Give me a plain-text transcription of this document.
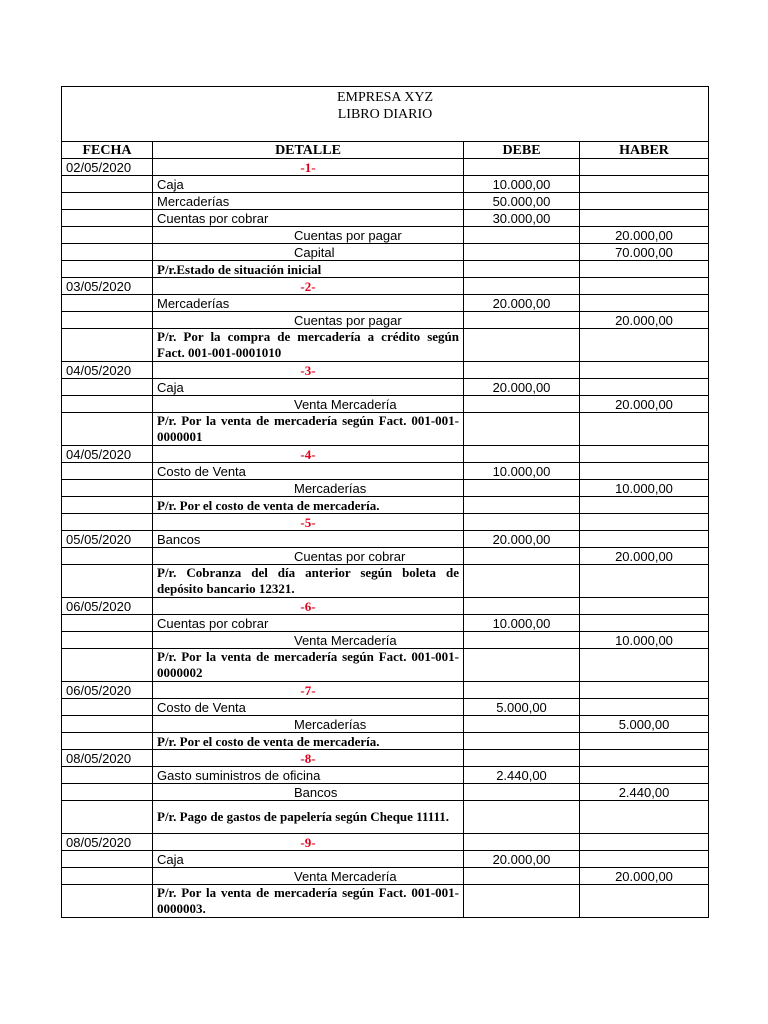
EMPRESA XYZ
LIBRO DIARIO			

FECHA	DETALLE	DEBE	HABER
02/05/2020	-1-		
	Caja	10.000,00	
	Mercaderías	50.000,00	
	Cuentas por cobrar	30.000,00	
	Cuentas por pagar		20.000,00
	Capital		70.000,00
	P/r.Estado de situación inicial		
03/05/2020	-2-		
	Mercaderías	20.000,00	
	Cuentas por pagar		20.000,00
	P/r. Por la compra de mercadería a crédito según Fact. 001-001-0001010		
04/05/2020	-3-		
	Caja	20.000,00	
	Venta Mercadería		20.000,00
	P/r. Por la venta de mercadería según Fact. 001-001- 0000001		
04/05/2020	-4-		
	Costo de Venta	10.000,00	
	Mercaderías		10.000,00
	P/r. Por el costo de venta de mercadería.		
	-5-		
05/05/2020	Bancos	20.000,00	
	Cuentas por cobrar		20.000,00
	P/r. Cobranza del día anterior según boleta de depósito bancario 12321.		
06/05/2020	-6-		
	Cuentas por cobrar	10.000,00	
	Venta Mercadería		10.000,00
	P/r. Por la venta de mercadería según Fact. 001-001-0000002		
06/05/2020	-7-		
	Costo de Venta	5.000,00	
	Mercaderías		5.000,00
	P/r. Por el costo de venta de mercadería.		
08/05/2020	-8-		
	Gasto suministros de oficina	2.440,00	
	Bancos		2.440,00
	P/r. Pago de gastos de papelería según Cheque 11111.		
08/05/2020	-9-		
	Caja	20.000,00	
	Venta Mercadería		20.000,00
	P/r. Por la venta de mercadería según Fact. 001-001-0000003.		
